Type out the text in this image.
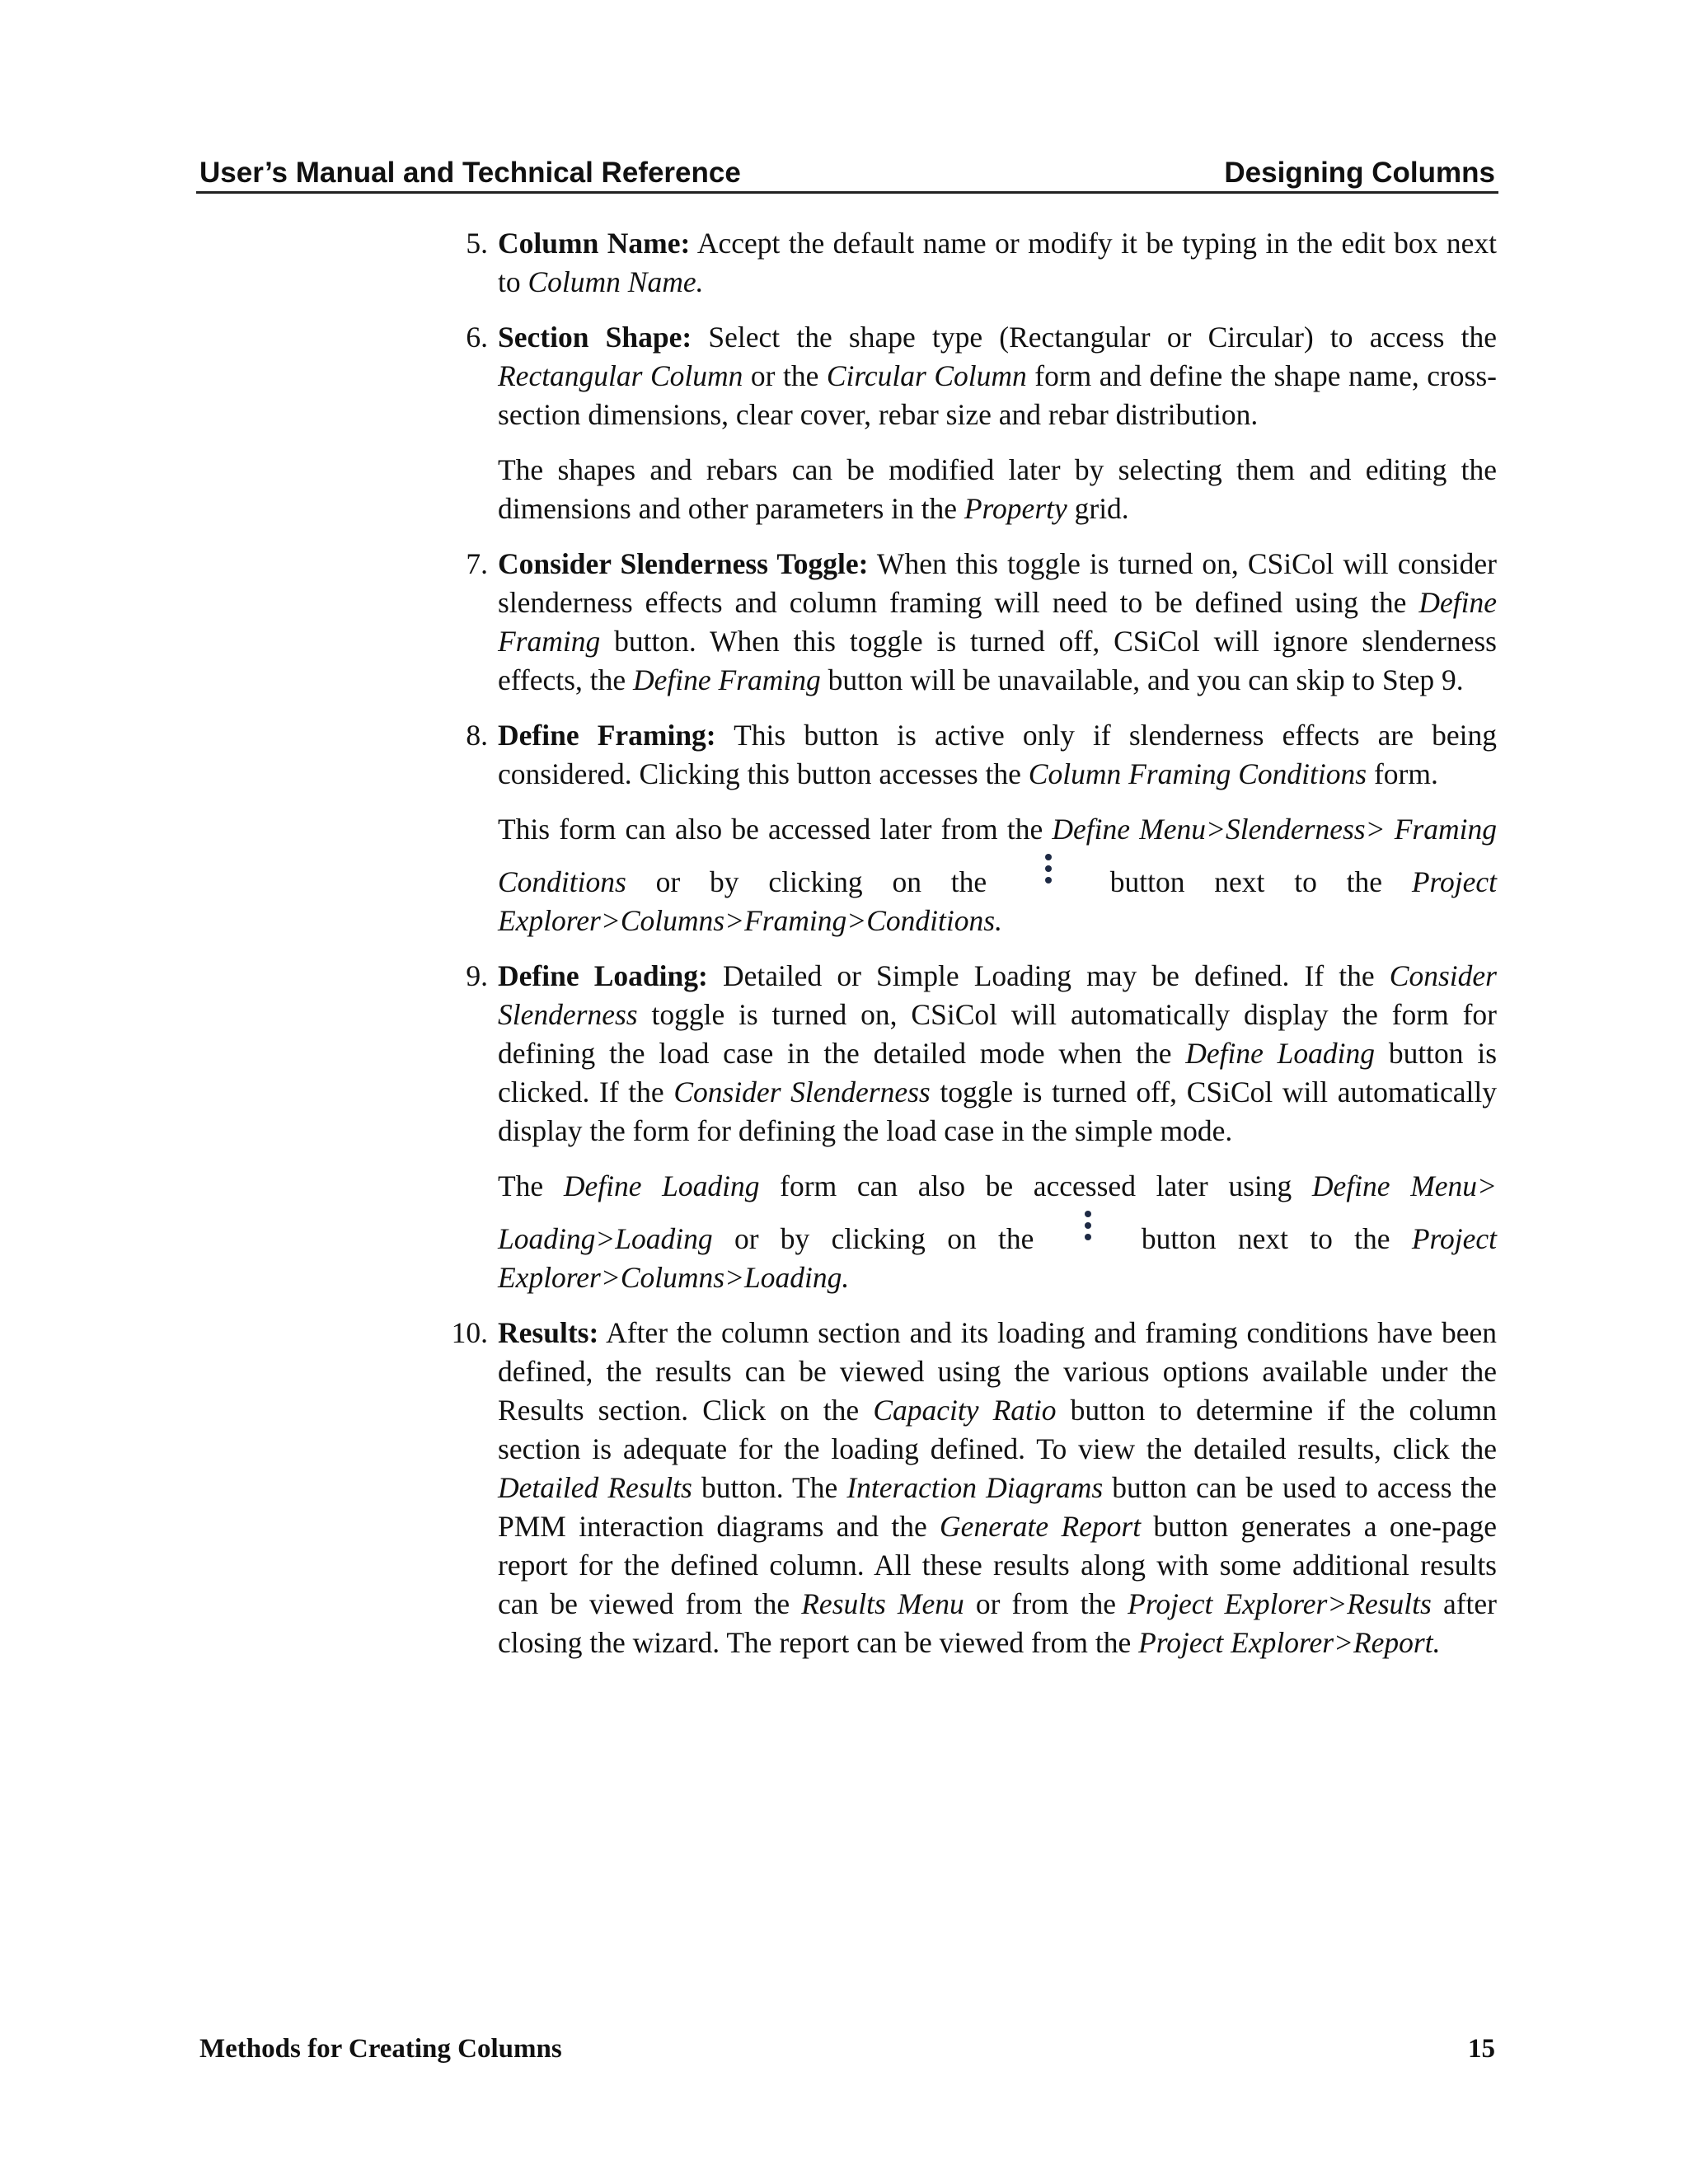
User’s Manual and Technical Reference	Designing Columns
5. Column Name: Accept the default name or modify it be typing in the edit box next to Column Name.

6. Section Shape: Select the shape type (Rectangular or Circular) to access the Rectangular Column or the Circular Column form and define the shape name, cross-section dimensions, clear cover, rebar size and rebar distribution.

The shapes and rebars can be modified later by selecting them and editing the dimensions and other parameters in the Property grid.

7. Consider Slenderness Toggle: When this toggle is turned on, CSiCol will consider slenderness effects and column framing will need to be defined using the Define Framing button. When this toggle is turned off, CSiCol will ignore slenderness effects, the Define Framing button will be unavailable, and you can skip to Step 9.

8. Define Framing: This button is active only if slenderness effects are being considered. Clicking this button accesses the Column Framing Conditions form.

This form can also be accessed later from the Define Menu>Slenderness> Framing Conditions or by clicking on the
button next to the Project Explorer>Columns>Framing>Conditions.

9. Define Loading: Detailed or Simple Loading may be defined. If the Consider Slenderness toggle is turned on, CSiCol will automatically display the form for defining the load case in the detailed mode when the Define Loading button is clicked. If the Consider Slenderness toggle is turned off, CSiCol will automatically display the form for defining the load case in the simple mode.

The Define Loading form can also be accessed later using Define Menu> Loading>Loading or by clicking on the
button next to the Project Explorer>Columns>Loading.

10. Results: After the column section and its loading and framing conditions have been defined, the results can be viewed using the various options available under the Results section. Click on the Capacity Ratio button to determine if the column section is adequate for the loading defined. To view the detailed results, click the Detailed Results button. The Interaction Diagrams button can be used to access the PMM interaction diagrams and the Generate Report button generates a one-page report for the defined column. All these results along with some additional results can be viewed from the Results Menu or from the Project Explorer>Results after closing the wizard. The report can be viewed from the Project Explorer>Report.

Methods for Creating Columns	15
